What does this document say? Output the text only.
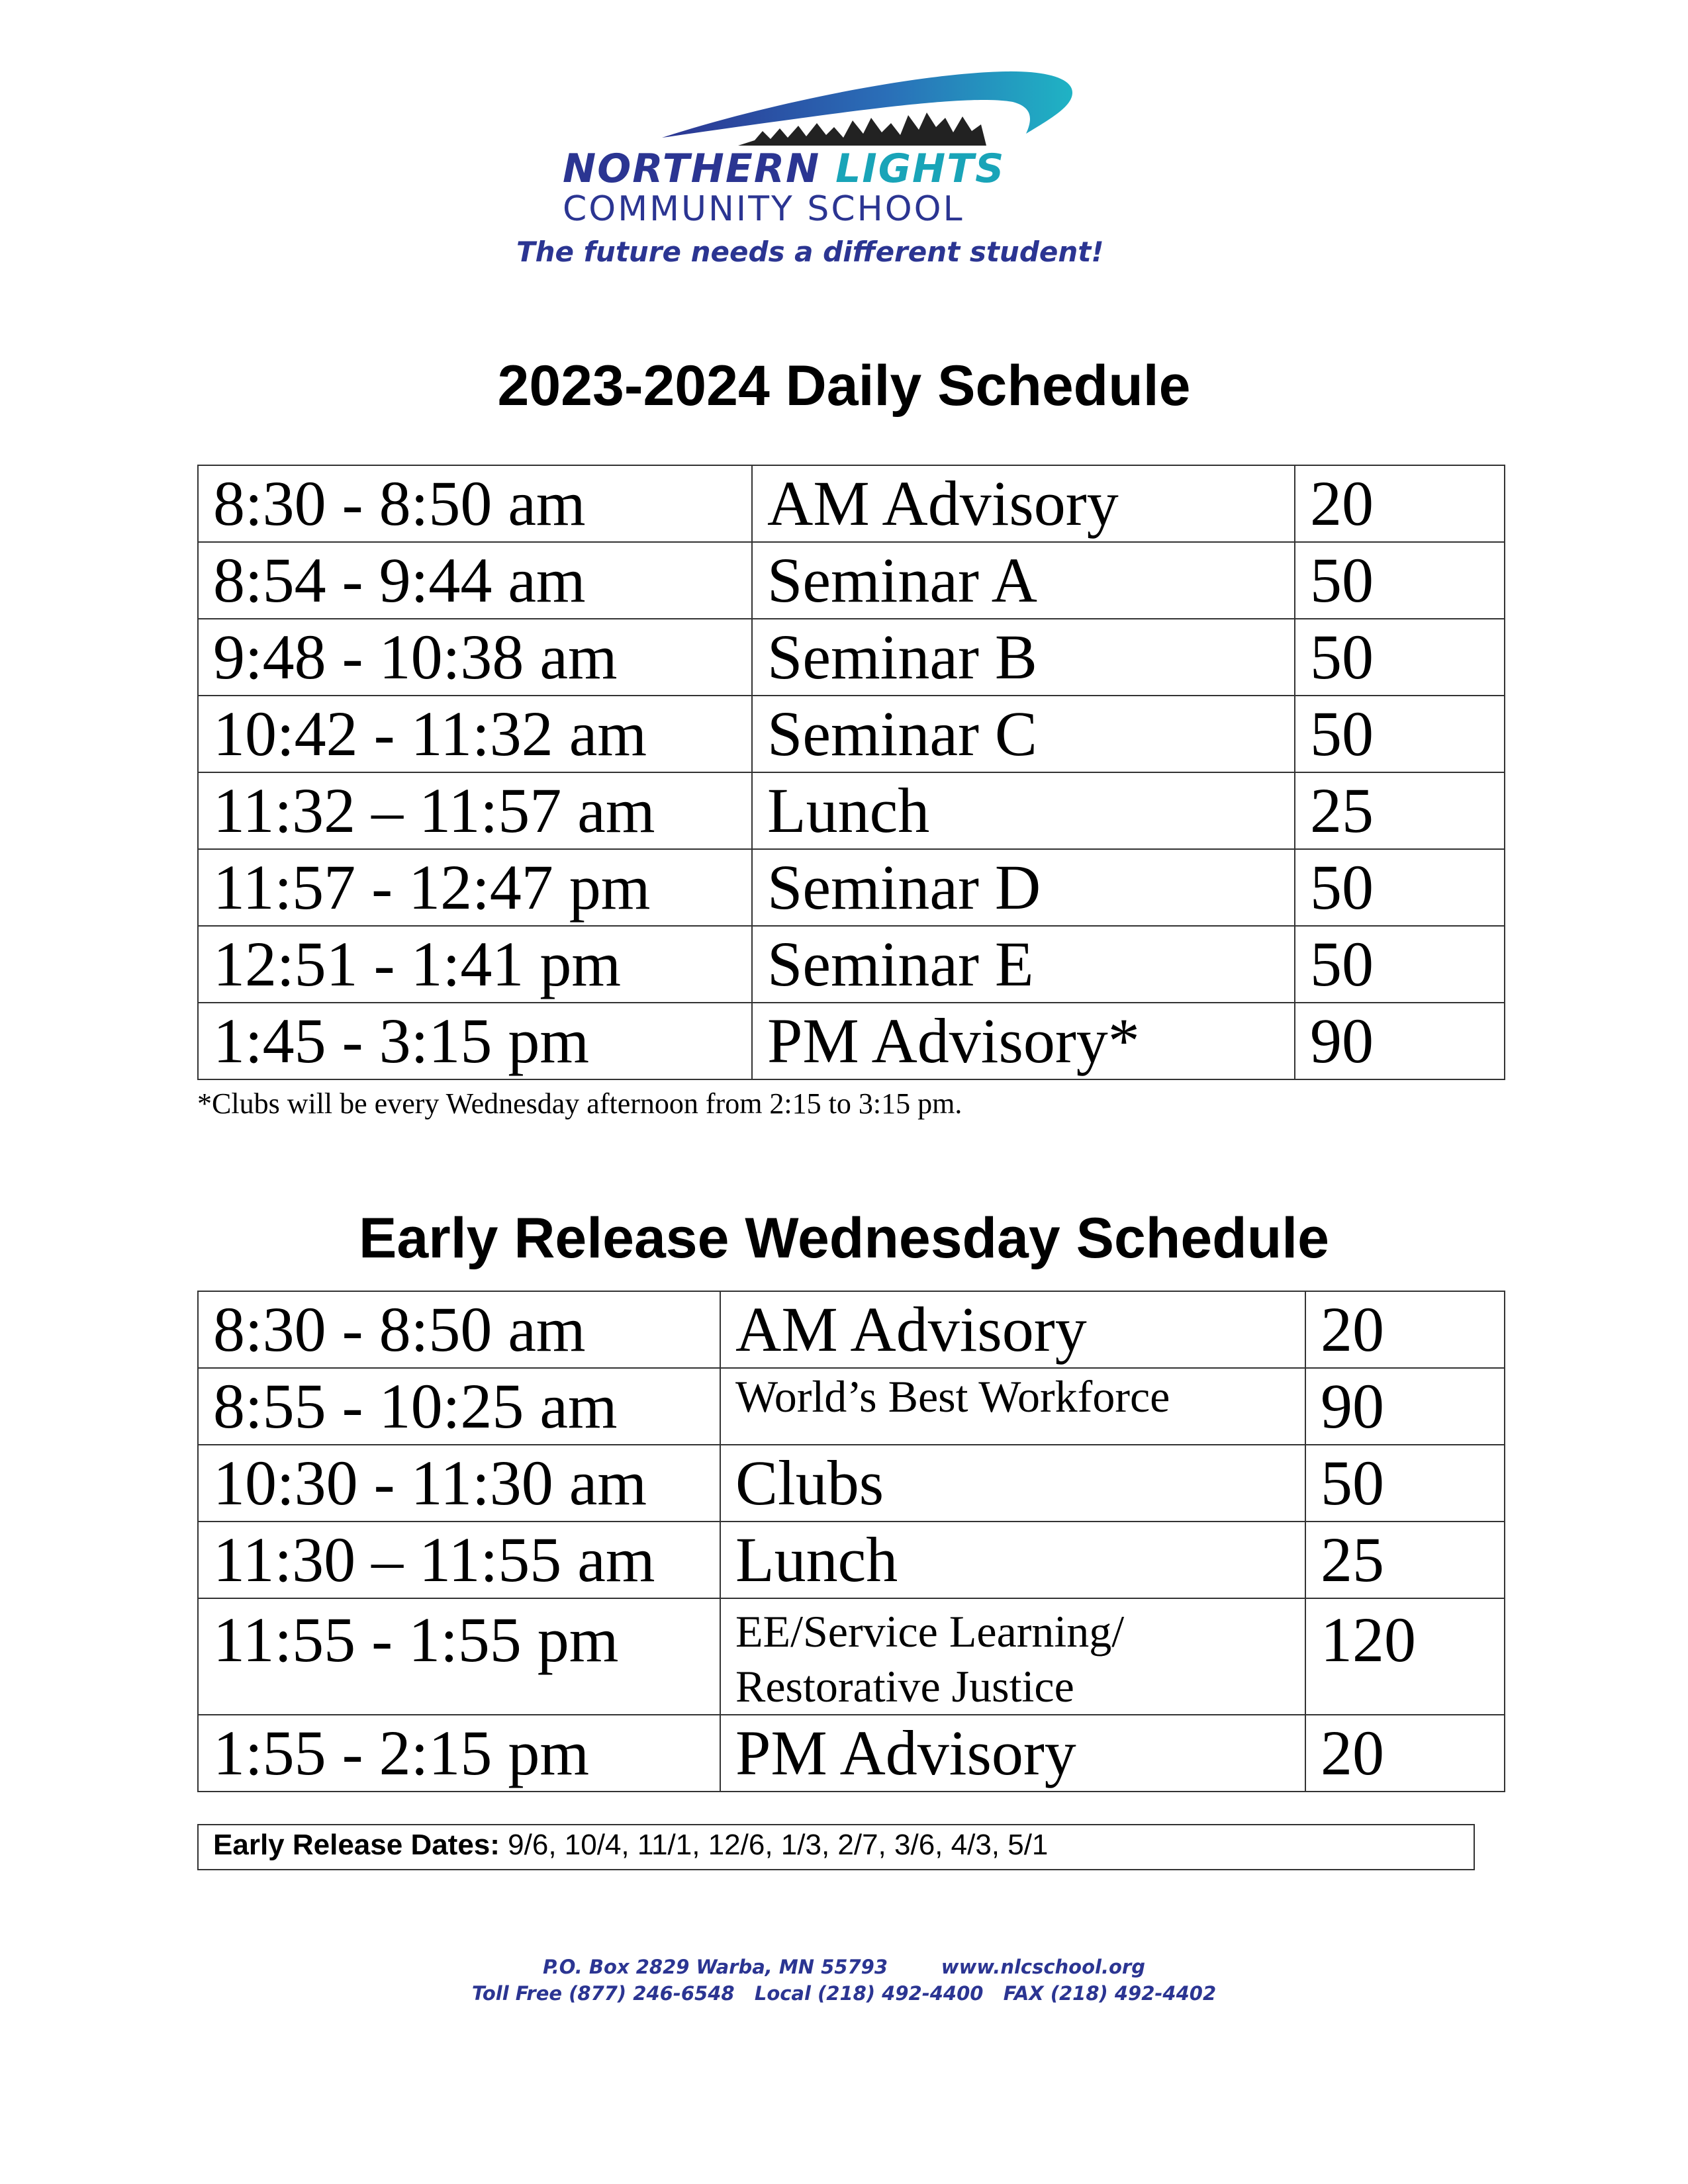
NORTHERN LIGHTS
COMMUNITY SCHOOL
The future needs a different student!
2023-2024 Daily Schedule
8:30 - 8:50 am	AM Advisory	20
8:54 - 9:44 am	Seminar A	50
9:48 - 10:38 am	Seminar B	50
10:42 - 11:32 am	Seminar C	50
11:32 – 11:57 am	Lunch	25
11:57 - 12:47 pm	Seminar D	50
12:51 - 1:41 pm	Seminar E	50
1:45 - 3:15 pm	PM Advisory*	90
*Clubs will be every Wednesday afternoon from 2:15 to 3:15 pm.
Early Release Wednesday Schedule
8:30 - 8:50 am	AM Advisory	20
8:55 - 10:25 am	World’s Best Workforce	90
10:30 - 11:30 am	Clubs	50
11:30 – 11:55 am	Lunch	25
11:55 - 1:55 pm	EE/Service Learning/ Restorative Justice	120
1:55 - 2:15 pm	PM Advisory	20
Early Release Dates: 9/6, 10/4, 11/1, 12/6, 1/3, 2/7, 3/6, 4/3, 5/1
P.O. Box 2829 Warba, MN 55793        www.nlcschool.org
Toll Free (877) 246-6548   Local (218) 492-4400   FAX (218) 492-4402
